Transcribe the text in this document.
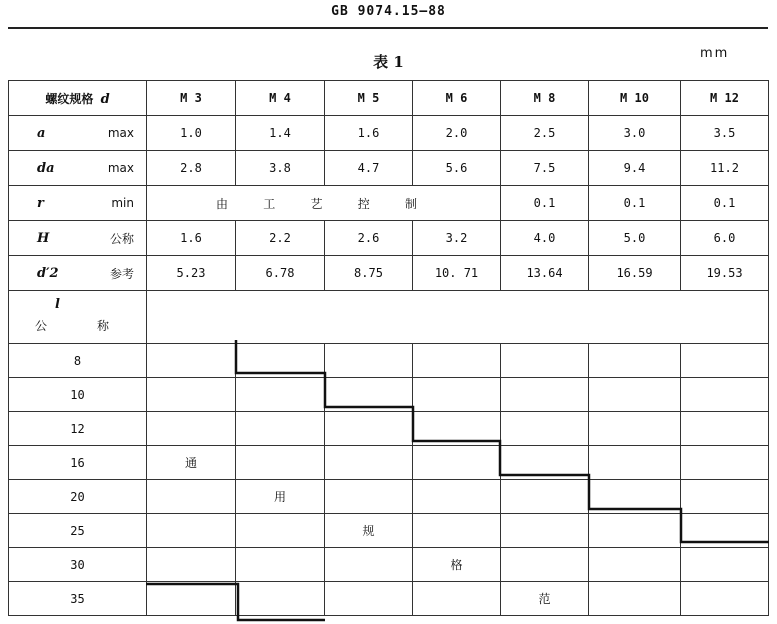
GB 9074.15—88
表 1	mm
螺纹规格 d	M 3	M 4	M 5	M 6	M 8	M 10	M 12

a max	1.0	1.4	1.6	2.0	2.5	3.0	3.5

da max	2.8	3.8	4.7	5.6	7.5	9.4	11.2

r min	由 工 艺 控 制				0.1	0.1	0.1

H 公称	1.6	2.2	2.6	3.2	4.0	5.0	6.0

d′2 参考	5.23	6.78	8.75	10. 71	13.64	16.59	19.53

l
公 称							

8							
10							
12							
16	通						
20		用					
25			规				
30				格			
35					范		
